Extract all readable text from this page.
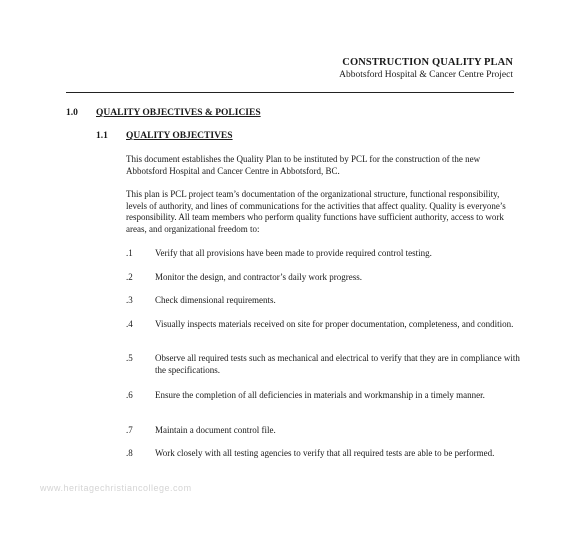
CONSTRUCTION QUALITY PLAN
Abbotsford Hospital & Cancer Centre Project
1.0 QUALITY OBJECTIVES & POLICIES
1.1 QUALITY OBJECTIVES

This document establishes the Quality Plan to be instituted by PCL for the construction of the new Abbotsford Hospital and Cancer Centre in Abbotsford, BC.

This plan is PCL project team’s documentation of the organizational structure, functional responsibility, levels of authority, and lines of communications for the activities that affect quality. Quality is everyone’s responsibility. All team members who perform quality functions have sufficient authority, access to work areas, and organizational freedom to:

.1 Verify that all provisions have been made to provide required control testing.
.2 Monitor the design, and contractor’s daily work progress.
.3 Check dimensional requirements.
.4 Visually inspects materials received on site for proper documentation, completeness, and condition.
.5 Observe all required tests such as mechanical and electrical to verify that they are in compliance with the specifications.
.6 Ensure the completion of all deficiencies in materials and workmanship in a timely manner.
.7 Maintain a document control file.
.8 Work closely with all testing agencies to verify that all required tests are able to be performed.
www.heritagechristiancollege.com
